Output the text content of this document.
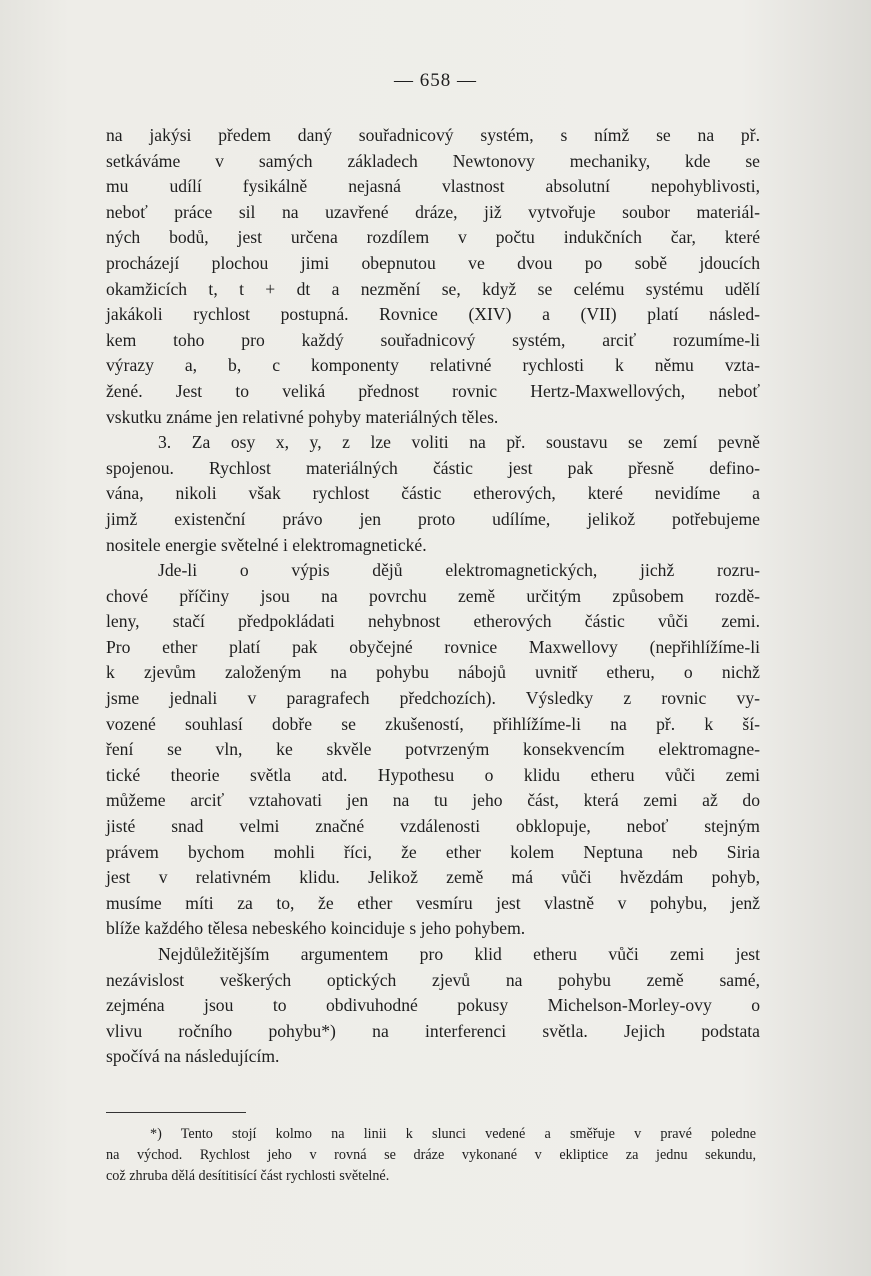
— 658 —
na jakýsi předem daný souřadnicový systém, s nímž se na př.
setkáváme v samých základech Newtonovy mechaniky, kde se
mu udílí fysikálně nejasná vlastnost absolutní nepohyblivosti,
neboť práce sil na uzavřené dráze, již vytvořuje soubor materiál-
ných bodů, jest určena rozdílem v počtu indukčních čar, které
procházejí plochou jimi obepnutou ve dvou po sobě jdoucích
okamžicích t, t + dt a nezmění se, když se celému systému udělí
jakákoli rychlost postupná. Rovnice (XIV) a (VII) platí násled-
kem toho pro každý souřadnicový systém, arciť rozumíme-li
výrazy a, b, c komponenty relativné rychlosti k němu vzta-
žené. Jest to veliká přednost rovnic Hertz-Maxwellových, neboť
vskutku známe jen relativné pohyby materiálných těles.
3. Za osy x, y, z lze voliti na př. soustavu se zemí pevně
spojenou. Rychlost materiálných částic jest pak přesně defino-
vána, nikoli však rychlost částic etherových, které nevidíme a
jimž existenční právo jen proto udílíme, jelikož potřebujeme
nositele energie světelné i elektromagnetické.
Jde-li o výpis dějů elektromagnetických, jichž rozru-
chové příčiny jsou na povrchu země určitým způsobem rozdě-
leny, stačí předpokládati nehybnost etherových částic vůči zemi.
Pro ether platí pak obyčejné rovnice Maxwellovy (nepřihlížíme-li
k zjevům založeným na pohybu nábojů uvnitř etheru, o nichž
jsme jednali v paragrafech předchozích). Výsledky z rovnic vy-
vozené souhlasí dobře se zkušeností, přihlížíme-li na př. k ší-
ření se vln, ke skvěle potvrzeným konsekvencím elektromagne-
tické theorie světla atd. Hypothesu o klidu etheru vůči zemi
můžeme arciť vztahovati jen na tu jeho část, která zemi až do
jisté snad velmi značné vzdálenosti obklopuje, neboť stejným
právem bychom mohli říci, že ether kolem Neptuna neb Siria
jest v relativném klidu. Jelikož země má vůči hvězdám pohyb,
musíme míti za to, že ether vesmíru jest vlastně v pohybu, jenž
blíže každého tělesa nebeského koinciduje s jeho pohybem.
Nejdůležitějším argumentem pro klid etheru vůči zemi jest
nezávislost veškerých optických zjevů na pohybu země samé,
zejména jsou to obdivuhodné pokusy Michelson-Morley-ovy o
vlivu ročního pohybu*) na interferenci světla. Jejich podstata
spočívá na následujícím.
*) Tento stojí kolmo na linii k slunci vedené a směřuje v pravé poledne
na východ. Rychlost jeho v rovná se dráze vykonané v ekliptice za jednu sekundu,
což zhruba dělá desítitisící část rychlosti světelné.
